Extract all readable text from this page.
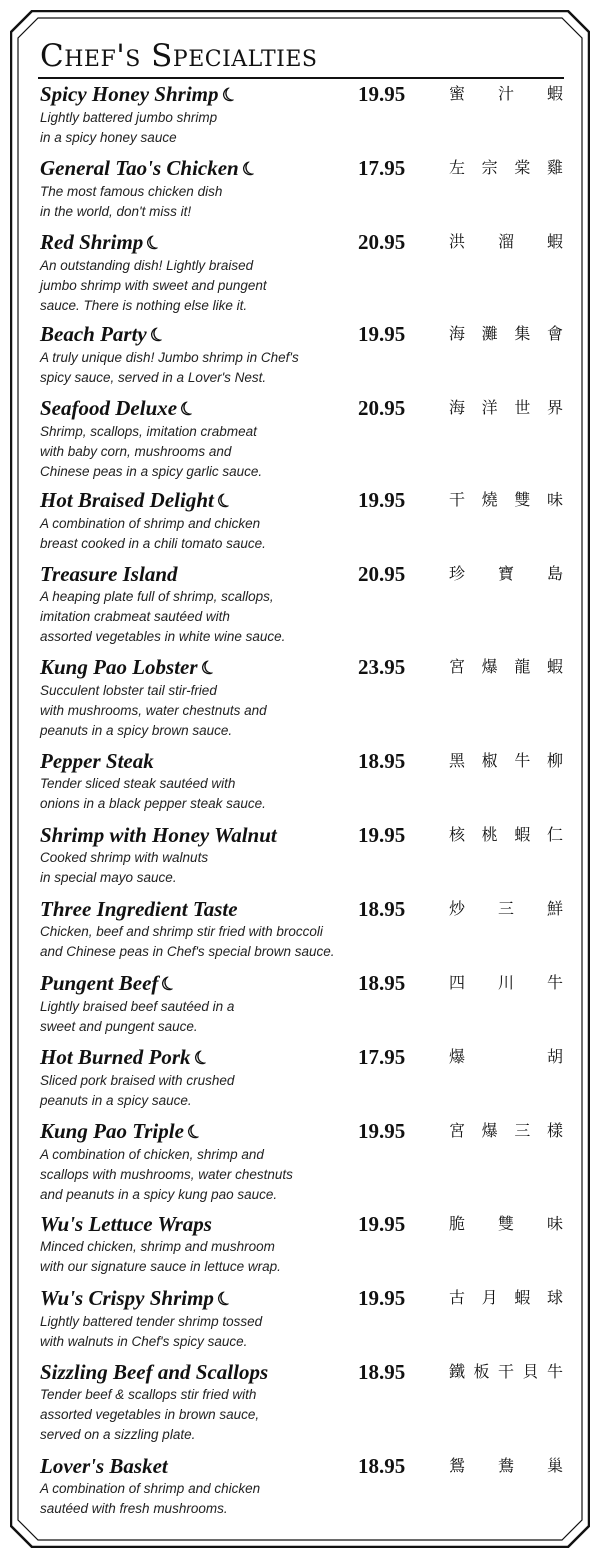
Chef's Specialties
Spicy Honey Shrimp☾
Lightly battered jumbo shrimp
in a spicy honey sauce
19.95	蜜 汁 蝦
General Tao's Chicken☾
The most famous chicken dish
in the world, don't miss it!
17.95	左 宗 棠 雞
Red Shrimp☾
An outstanding dish! Lightly braised
jumbo shrimp with sweet and pungent
sauce. There is nothing else like it.
20.95	洪 溜 蝦
Beach Party☾
A truly unique dish! Jumbo shrimp in Chef's
spicy sauce, served in a Lover's Nest.
19.95	海 灘 集 會
Seafood Deluxe☾
Shrimp, scallops, imitation crabmeat
with baby corn, mushrooms and
Chinese peas in a spicy garlic sauce.
20.95	海 洋 世 界
Hot Braised Delight☾
A combination of shrimp and chicken
breast cooked in a chili tomato sauce.
19.95	干 燒 雙 味
Treasure Island
A heaping plate full of shrimp, scallops,
imitation crabmeat sautéed with
assorted vegetables in white wine sauce.
20.95	珍 寶 島
Kung Pao Lobster☾
Succulent lobster tail stir-fried
with mushrooms, water chestnuts and
peanuts in a spicy brown sauce.
23.95	宮 爆 龍 蝦
Pepper Steak
Tender sliced steak sautéed with
onions in a black pepper steak sauce.
18.95	黑 椒 牛 柳
Shrimp with Honey Walnut
Cooked shrimp with walnuts
in special mayo sauce.
19.95	核 桃 蝦 仁
Three Ingredient Taste
Chicken, beef and shrimp stir fried with broccoli
and Chinese peas in Chef's special brown sauce.
18.95	炒 三 鮮
Pungent Beef☾
Lightly braised beef sautéed in a
sweet and pungent sauce.
18.95	四 川 牛
Hot Burned Pork☾
Sliced pork braised with crushed
peanuts in a spicy sauce.
17.95	爆	胡
Kung Pao Triple☾
A combination of chicken, shrimp and
scallops with mushrooms, water chestnuts
and peanuts in a spicy kung pao sauce.
19.95	宮 爆 三 樣
Wu's Lettuce Wraps
Minced chicken, shrimp and mushroom
with our signature sauce in lettuce wrap.
19.95	脆 雙 味
Wu's Crispy Shrimp☾
Lightly battered tender shrimp tossed
with walnuts in Chef's spicy sauce.
19.95	古 月 蝦 球
Sizzling Beef and Scallops
Tender beef & scallops stir fried with
assorted vegetables in brown sauce,
served on a sizzling plate.
18.95	鐵 板 干 貝 牛
Lover's Basket
A combination of shrimp and chicken
sautéed with fresh mushrooms.
18.95	鴛 鴦 巢
